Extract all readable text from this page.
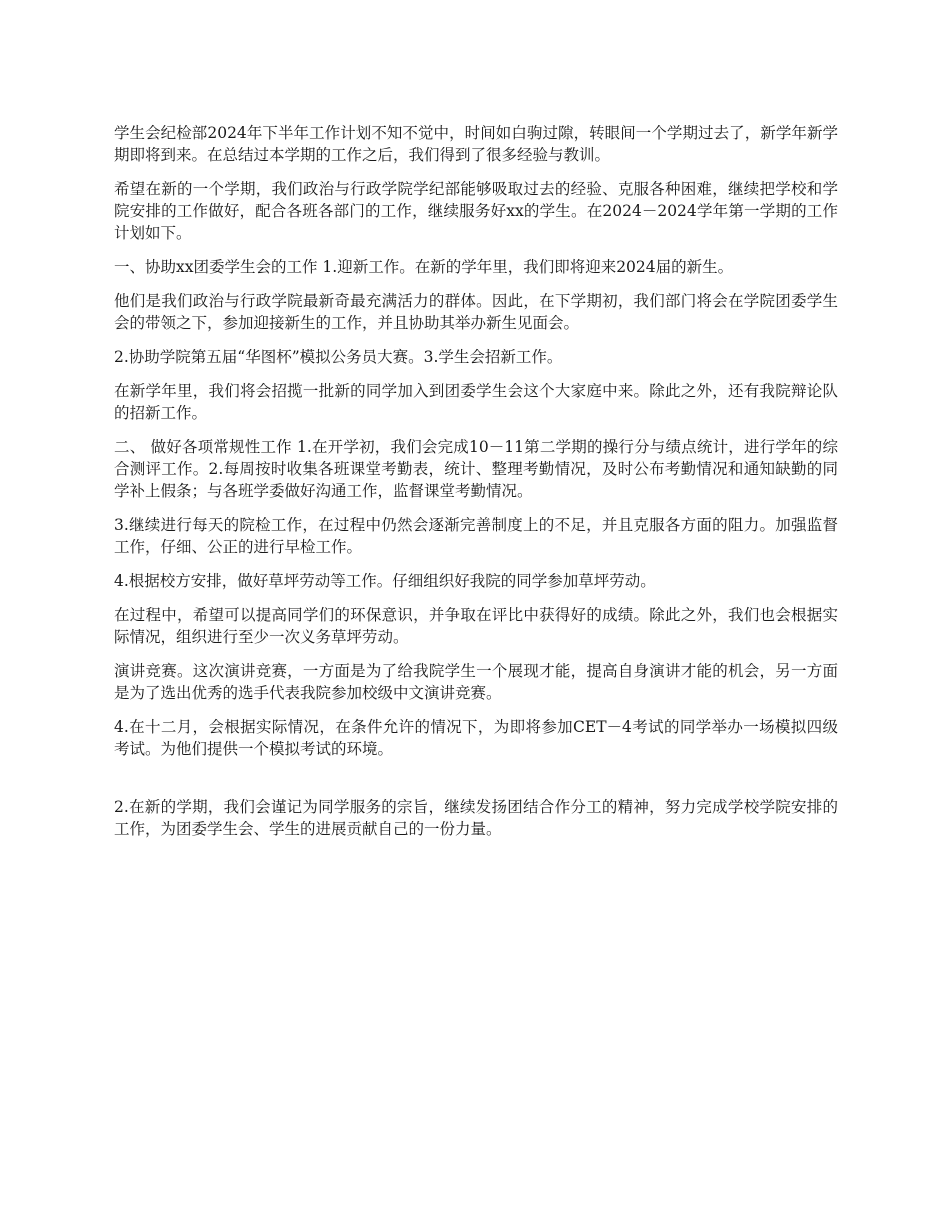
学生会纪检部2024年下半年工作计划不知不觉中，时间如白驹过隙，转眼间一个学期过去了，新学年新学期即将到来。在总结过本学期的工作之后，我们得到了很多经验与教训。

希望在新的一个学期，我们政治与行政学院学纪部能够吸取过去的经验、克服各种困难，继续把学校和学院安排的工作做好，配合各班各部门的工作，继续服务好xx的学生。在2024－2024学年第一学期的工作计划如下。

一、协助xx团委学生会的工作 1.迎新工作。在新的学年里，我们即将迎来2024届的新生。

他们是我们政治与行政学院最新奇最充满活力的群体。因此，在下学期初，我们部门将会在学院团委学生会的带领之下，参加迎接新生的工作，并且协助其举办新生见面会。

2.协助学院第五届“华图杯”模拟公务员大赛。3.学生会招新工作。

在新学年里，我们将会招揽一批新的同学加入到团委学生会这个大家庭中来。除此之外，还有我院辩论队的招新工作。

二、 做好各项常规性工作 1.在开学初，我们会完成10－11第二学期的操行分与绩点统计，进行学年的综合测评工作。2.每周按时收集各班课堂考勤表，统计、整理考勤情况，及时公布考勤情况和通知缺勤的同学补上假条；与各班学委做好沟通工作，监督课堂考勤情况。

3.继续进行每天的院检工作，在过程中仍然会逐渐完善制度上的不足，并且克服各方面的阻力。加强监督工作，仔细、公正的进行早检工作。

4.根据校方安排，做好草坪劳动等工作。仔细组织好我院的同学参加草坪劳动。

在过程中，希望可以提高同学们的环保意识，并争取在评比中获得好的成绩。除此之外，我们也会根据实际情况，组织进行至少一次义务草坪劳动。

演讲竞赛。这次演讲竞赛，一方面是为了给我院学生一个展现才能，提高自身演讲才能的机会，另一方面是为了选出优秀的选手代表我院参加校级中文演讲竞赛。

4.在十二月，会根据实际情况，在条件允许的情况下，为即将参加CET－4考试的同学举办一场模拟四级考试。为他们提供一个模拟考试的环境。

2.在新的学期，我们会谨记为同学服务的宗旨，继续发扬团结合作分工的精神，努力完成学校学院安排的工作，为团委学生会、学生的进展贡献自己的一份力量。
